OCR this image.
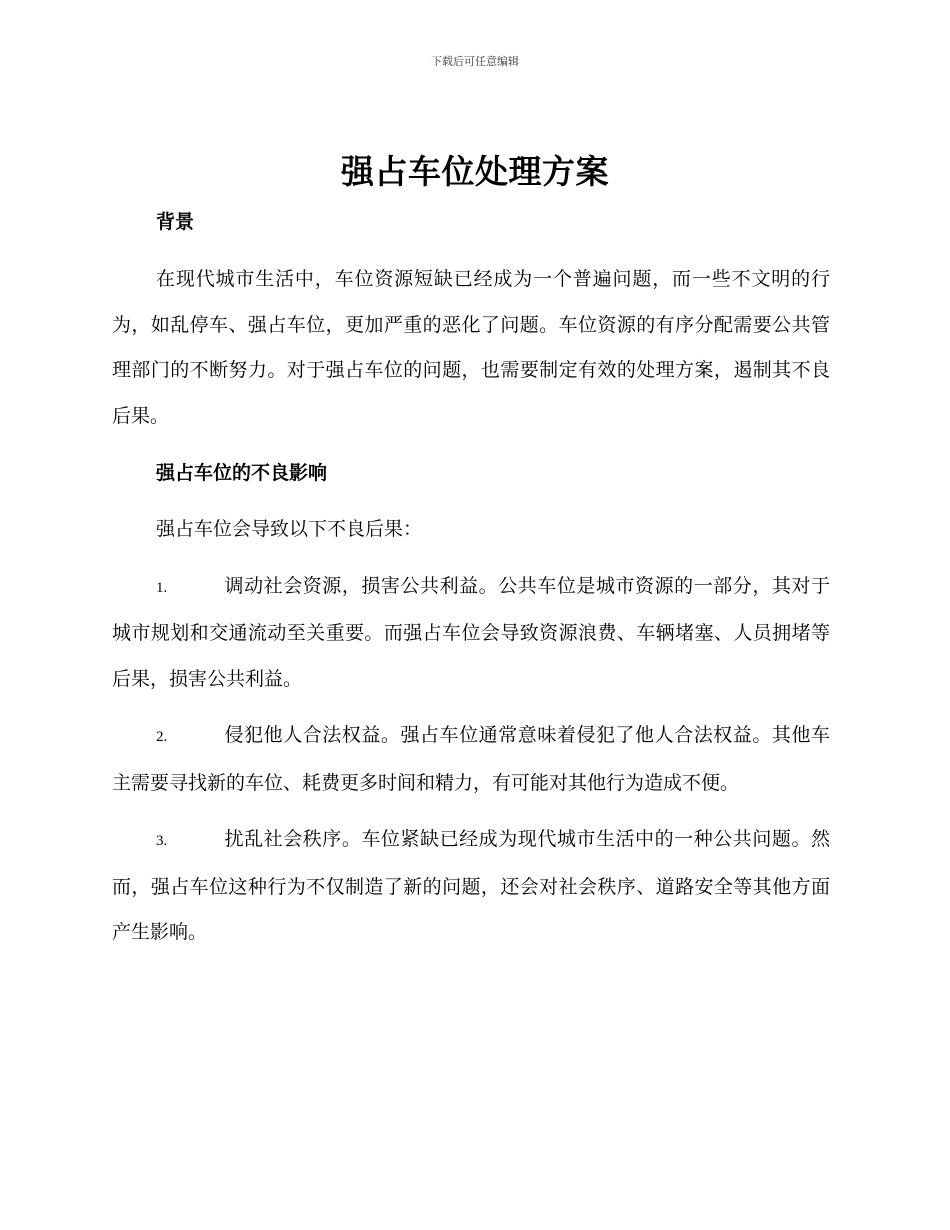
下载后可任意编辑
强占车位处理方案

背景

在现代城市生活中，车位资源短缺已经成为一个普遍问题，而一些不文明的行为，如乱停车、强占车位，更加严重的恶化了问题。车位资源的有序分配需要公共管理部门的不断努力。对于强占车位的问题，也需要制定有效的处理方案，遏制其不良后果。

强占车位的不良影响

强占车位会导致以下不良后果：

1.	调动社会资源，损害公共利益。公共车位是城市资源的一部分，其对于城市规划和交通流动至关重要。而强占车位会导致资源浪费、车辆堵塞、人员拥堵等后果，损害公共利益。

2.	侵犯他人合法权益。强占车位通常意味着侵犯了他人合法权益。其他车主需要寻找新的车位、耗费更多时间和精力，有可能对其他行为造成不便。

3.	扰乱社会秩序。车位紧缺已经成为现代城市生活中的一种公共问题。然而，强占车位这种行为不仅制造了新的问题，还会对社会秩序、道路安全等其他方面产生影响。
